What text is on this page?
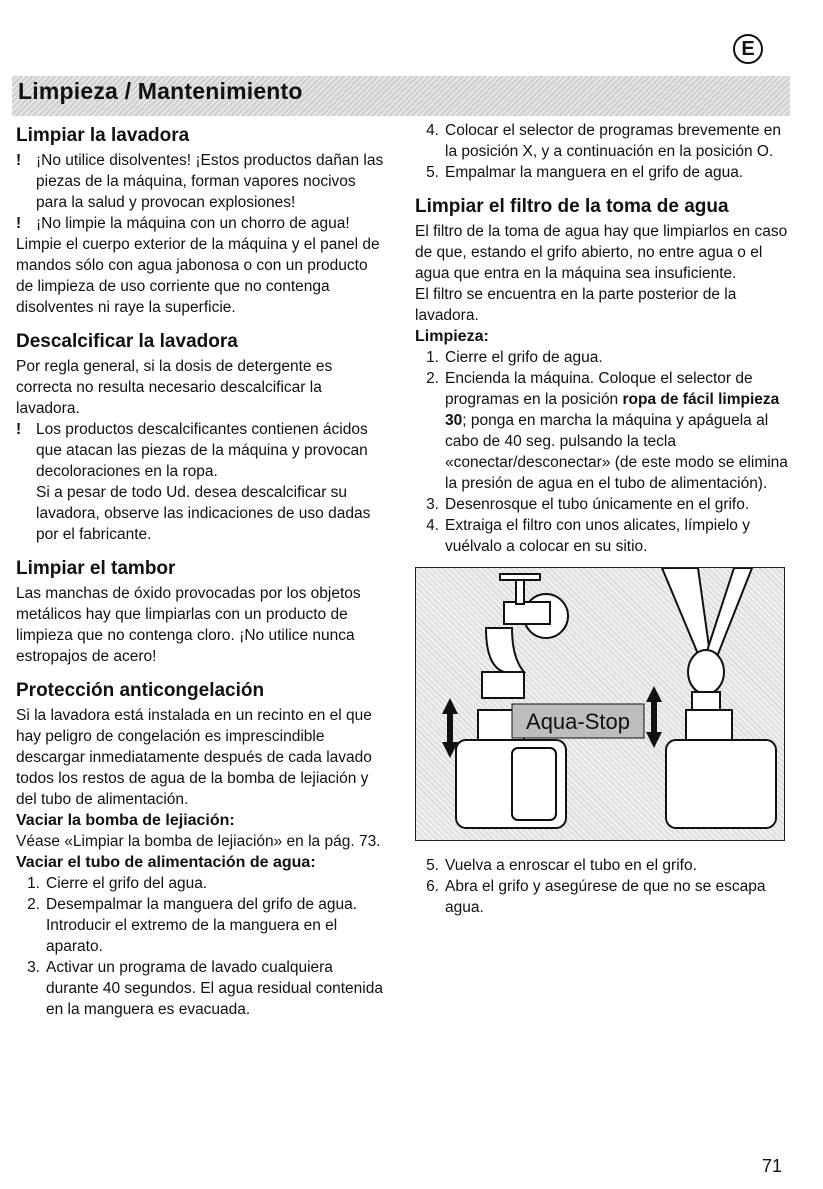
E
Limpieza / Mantenimiento
Limpiar la lavadora
! ¡No utilice disolventes! ¡Estos productos dañan las piezas de la máquina, forman vapores nocivos para la salud y provocan explosiones!
! ¡No limpie la máquina con un chorro de agua!

Limpie el cuerpo exterior de la máquina y el panel de mandos sólo con agua jabonosa o con un producto de limpieza de uso corriente que no contenga disolventes ni raye la superficie.

Descalcificar la lavadora

Por regla general, si la dosis de detergente es correcta no resulta necesario descalcificar la lavadora.

! Los productos descalcificantes contienen ácidos que atacan las piezas de la máquina y provocan decoloraciones en la ropa.

Si a pesar de todo Ud. desea descalcificar su lavadora, observe las indicaciones de uso dadas por el fabricante.

Limpiar el tambor

Las manchas de óxido provocadas por los objetos metálicos hay que limpiarlas con un producto de limpieza que no contenga cloro. ¡No utilice nunca estropajos de acero!

Protección anticongelación

Si la lavadora está instalada en un recinto en el que hay peligro de congelación es imprescindible descargar inmediatamente después de cada lavado todos los restos de agua de la bomba de lejiación y del tubo de alimentación.

Vaciar la bomba de lejiación:

Véase «Limpiar la bomba de lejiación» en la pág. 73.

Vaciar el tubo de alimentación de agua:
1. Cierre el grifo del agua.
2. Desempalmar la manguera del grifo de agua. Introducir el extremo de la manguera en el aparato.
3. Activar un programa de lavado cualquiera durante 40 segundos. El agua residual contenida en la manguera es evacuada.
4. Colocar el selector de programas brevemente en la posición X, y a continuación en la posición O.
5. Empalmar la manguera en el grifo de agua.
Limpiar el filtro de la toma de agua

El filtro de la toma de agua hay que limpiarlos en caso de que, estando el grifo abierto, no entre agua o el agua que entra en la máquina sea insuficiente.

El filtro se encuentra en la parte posterior de la lavadora.

Limpieza:
1. Cierre el grifo de agua.
2. Encienda la máquina. Coloque el selector de programas en la posición ropa de fácil limpieza 30; ponga en marcha la máquina y apáguela al cabo de 40 seg. pulsando la tecla «conectar/desconectar» (de este modo se elimina la presión de agua en el tubo de alimentación).
3. Desenrosque el tubo únicamente en el grifo.
4. Extraiga el filtro con unos alicates, límpielo y vuélvalo a colocar en su sitio.
Aqua-Stop
5. Vuelva a enroscar el tubo en el grifo.
6. Abra el grifo y asegúrese de que no se escapa agua.
71
